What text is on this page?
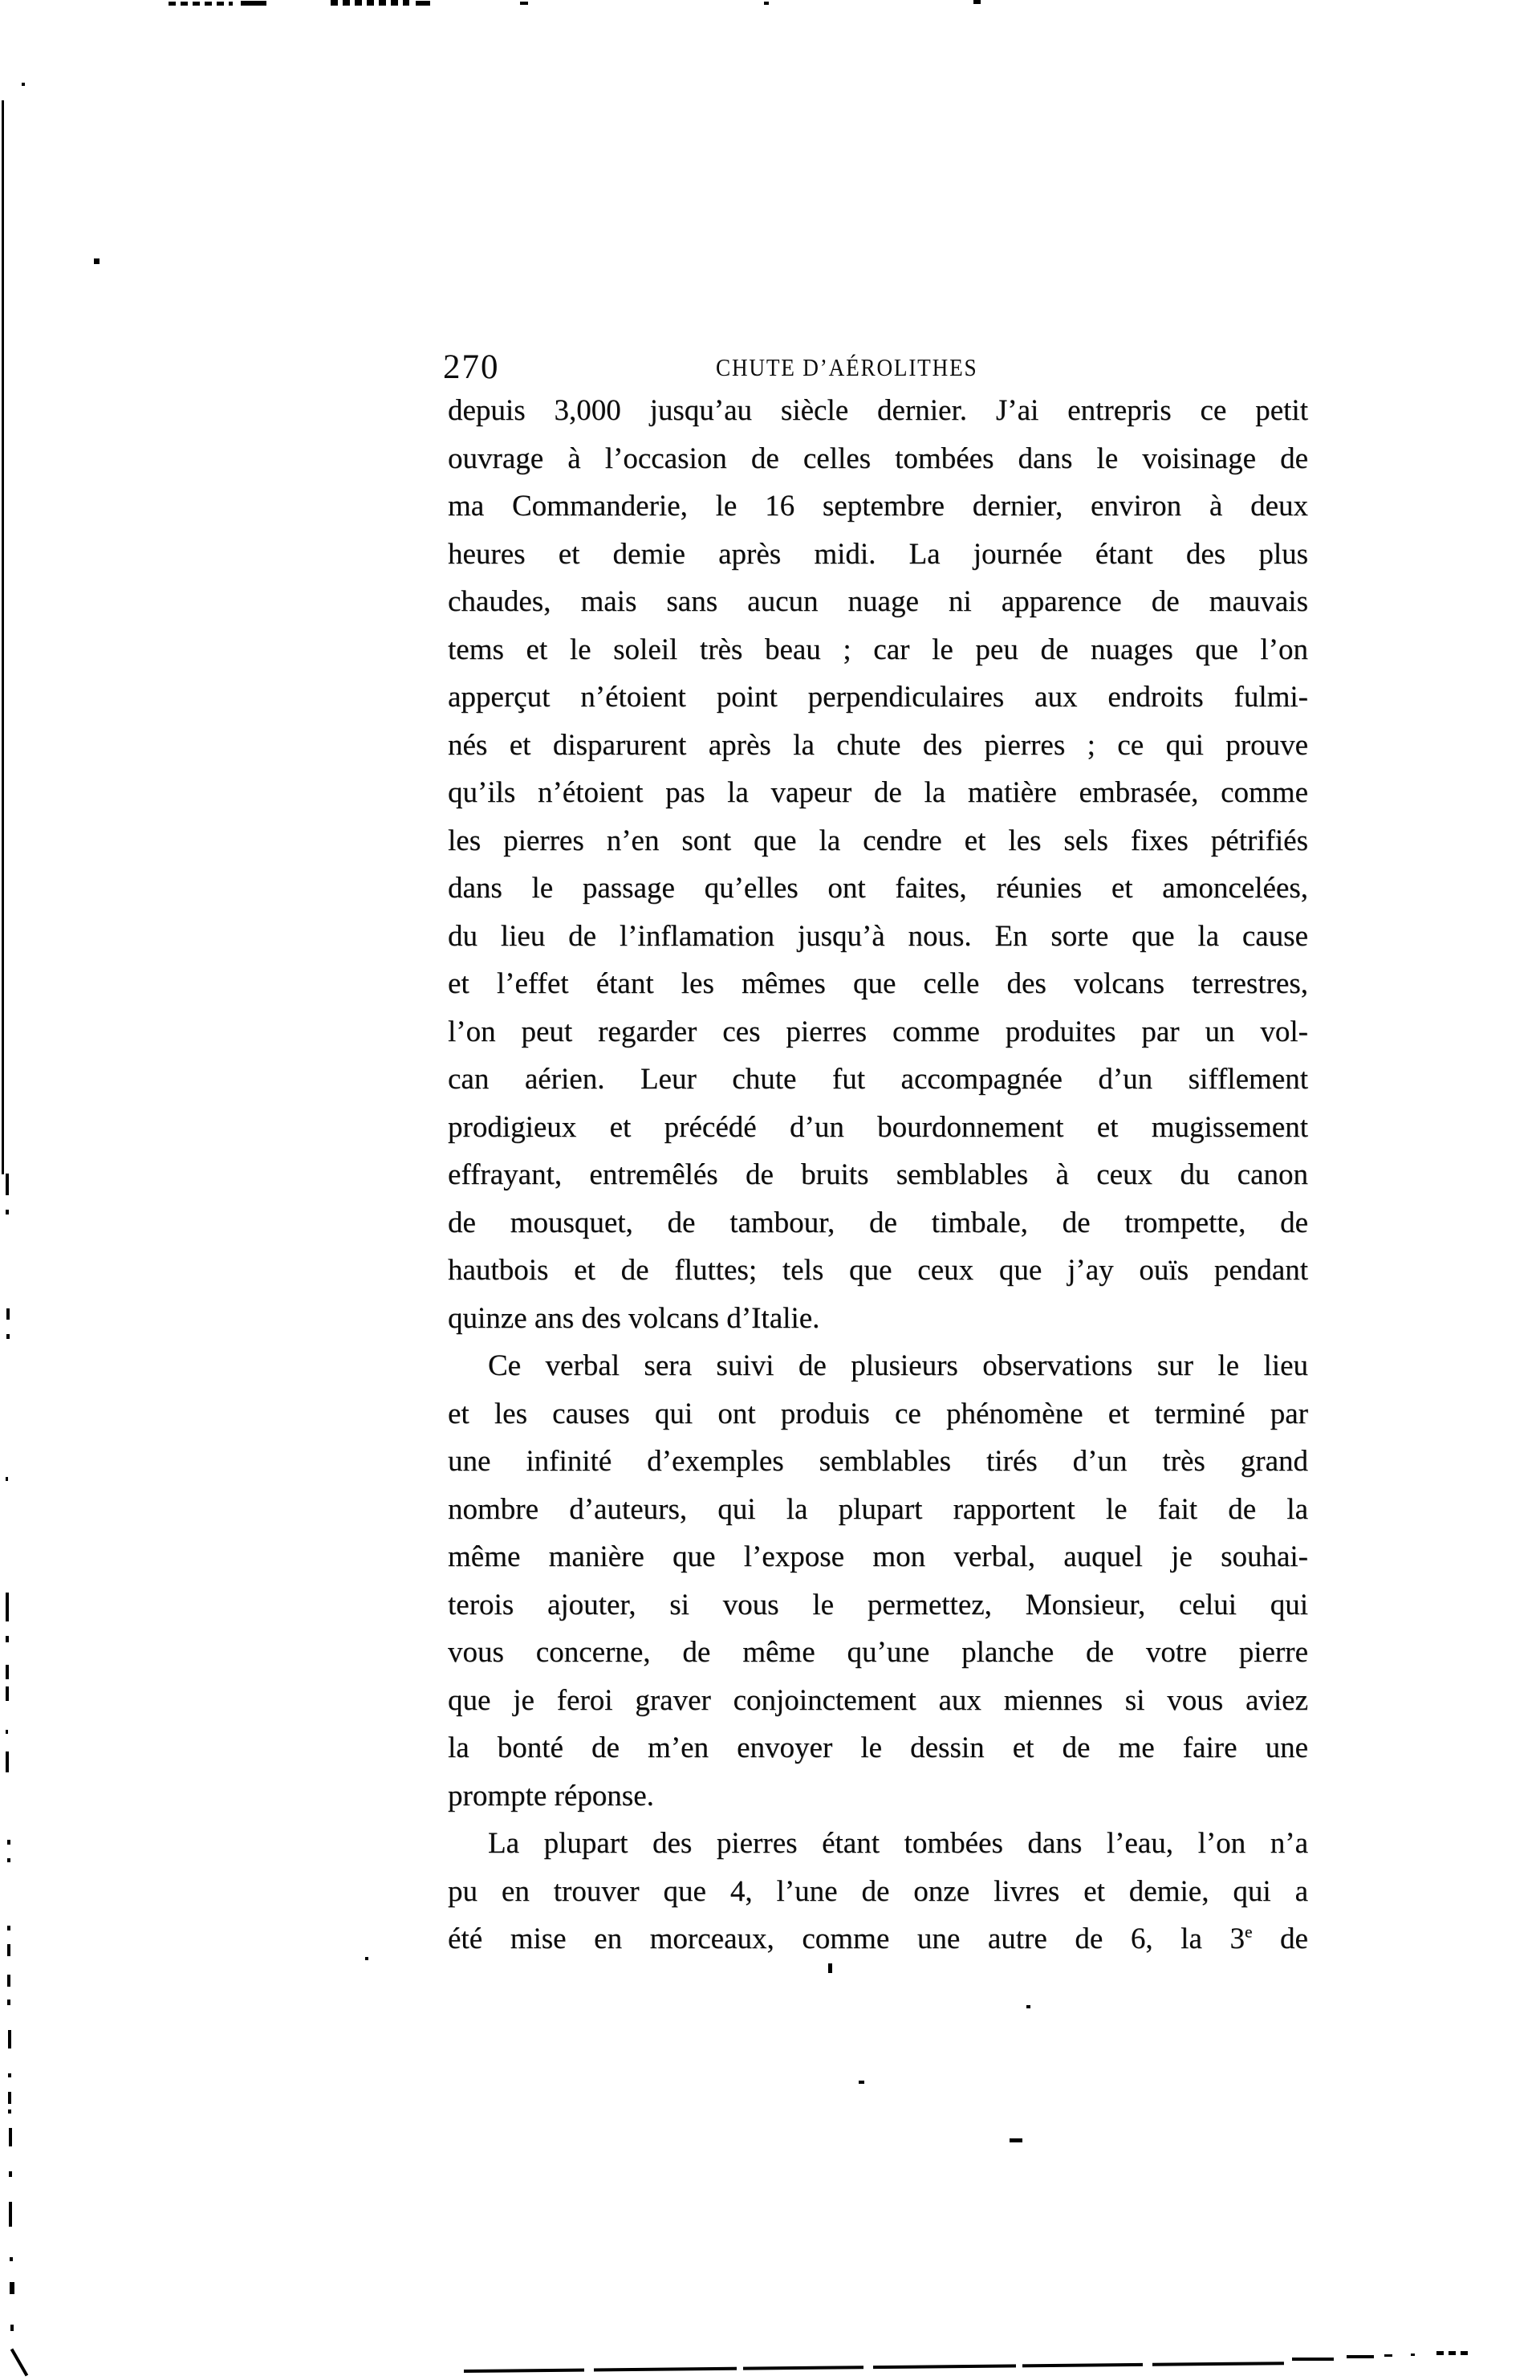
270	CHUTE D’AÉROLITHES
depuis 3,000 jusqu’au siècle dernier. J’ai entrepris ce petit
ouvrage à l’occasion de celles tombées dans le voisinage de
ma Commanderie, le 16 septembre dernier, environ à deux
heures et demie après midi. La journée étant des plus
chaudes, mais sans aucun nuage ni apparence de mauvais
tems et le soleil très beau ; car le peu de nuages que l’on
apperçut n’étoient point perpendiculaires aux endroits fulmi-
nés et disparurent après la chute des pierres ; ce qui prouve
qu’ils n’étoient pas la vapeur de la matière embrasée, comme
les pierres n’en sont que la cendre et les sels fixes pétrifiés
dans le passage qu’elles ont faites, réunies et amoncelées,
du lieu de l’inflamation jusqu’à nous. En sorte que la cause
et l’effet étant les mêmes que celle des volcans terrestres,
l’on peut regarder ces pierres comme produites par un vol-
can aérien. Leur chute fut accompagnée d’un sifflement
prodigieux et précédé d’un bourdonnement et mugissement
effrayant, entremêlés de bruits semblables à ceux du canon
de mousquet, de tambour, de timbale, de trompette, de
hautbois et de fluttes; tels que ceux que j’ay ouïs pendant
quinze ans des volcans d’Italie.
Ce verbal sera suivi de plusieurs observations sur le lieu
et les causes qui ont produis ce phénomène et terminé par
une infinité d’exemples semblables tirés d’un très grand
nombre d’auteurs, qui la plupart rapportent le fait de la
même manière que l’expose mon verbal, auquel je souhai-
terois ajouter, si vous le permettez, Monsieur, celui qui
vous concerne, de même qu’une planche de votre pierre
que je feroi graver conjoinctement aux miennes si vous aviez
la bonté de m’en envoyer le dessin et de me faire une
prompte réponse.
La plupart des pierres étant tombées dans l’eau, l’on n’a
pu en trouver que 4, l’une de onze livres et demie, qui a
été mise en morceaux, comme une autre de 6, la 3e de
